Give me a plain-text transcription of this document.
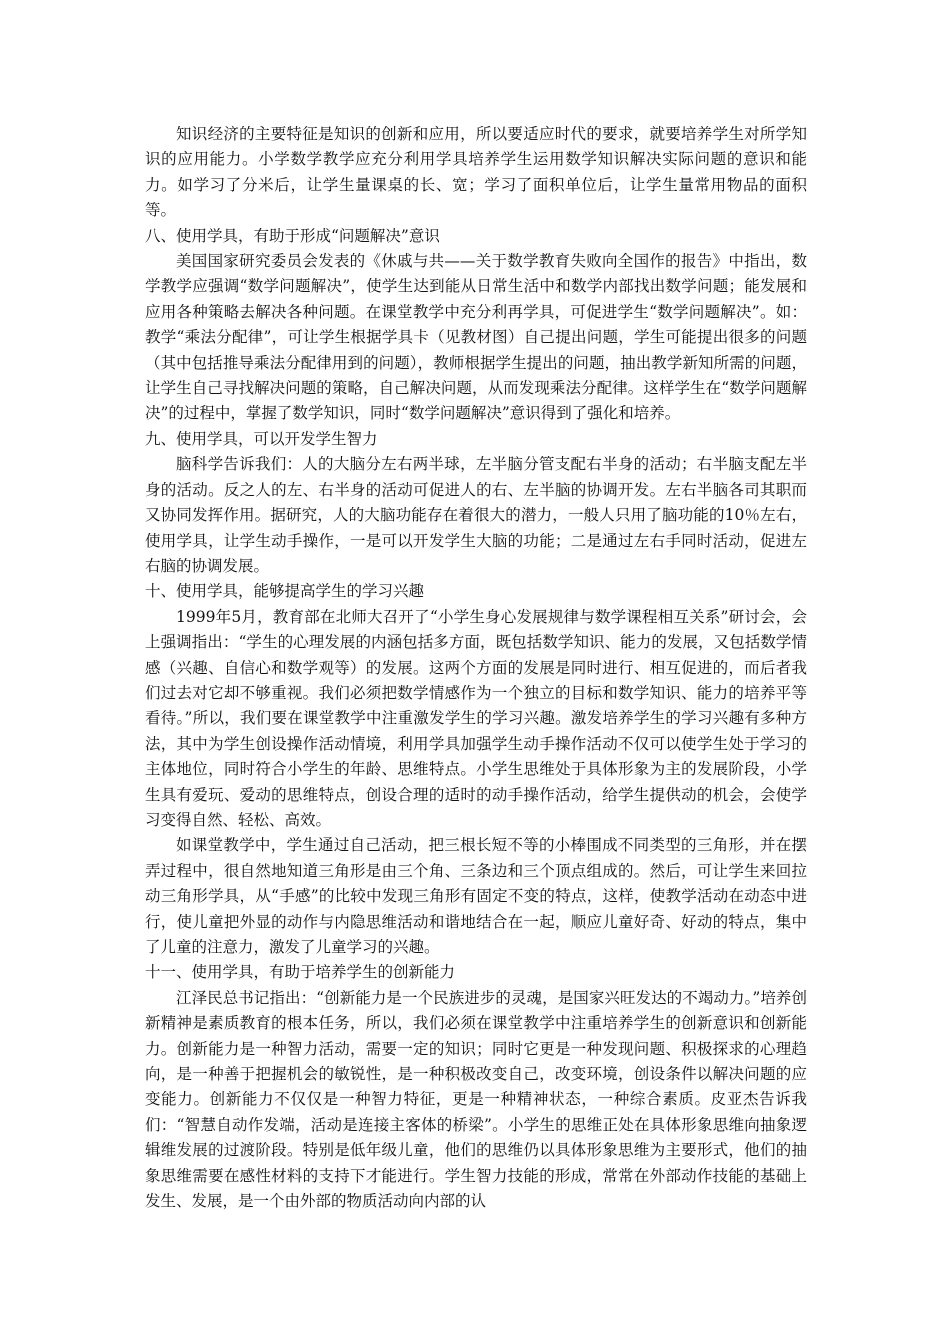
知识经济的主要特征是知识的创新和应用，所以要适应时代的要求，就要培养学生对所学知识的应用能力。小学数学教学应充分利用学具培养学生运用数学知识解决实际问题的意识和能力。如学习了分米后，让学生量课桌的长、宽；学习了面积单位后，让学生量常用物品的面积等。

八、使用学具，有助于形成“问题解决”意识

美国国家研究委员会发表的《休戚与共——关于数学教育失败向全国作的报告》中指出，数学教学应强调“数学问题解决”，使学生达到能从日常生活中和数学内部找出数学问题；能发展和应用各种策略去解决各种问题。在课堂教学中充分利再学具，可促进学生“数学问题解决”。如：教学“乘法分配律”，可让学生根据学具卡（见教材图）自己提出问题，学生可能提出很多的问题（其中包括推导乘法分配律用到的问题），教师根据学生提出的问题，抽出教学新知所需的问题，让学生自己寻找解决问题的策略，自己解决问题，从而发现乘法分配律。这样学生在“数学问题解决”的过程中，掌握了数学知识，同时“数学问题解决”意识得到了强化和培养。

九、使用学具，可以开发学生智力

脑科学告诉我们：人的大脑分左右两半球，左半脑分管支配右半身的活动；右半脑支配左半身的活动。反之人的左、右半身的活动可促进人的右、左半脑的协调开发。左右半脑各司其职而又协同发挥作用。据研究，人的大脑功能存在着很大的潜力，一般人只用了脑功能的10％左右，使用学具，让学生动手操作，一是可以开发学生大脑的功能；二是通过左右手同时活动，促进左右脑的协调发展。

十、使用学具，能够提高学生的学习兴趣

1999年5月，教育部在北师大召开了“小学生身心发展规律与数学课程相互关系”研讨会，会上强调指出：“学生的心理发展的内涵包括多方面，既包括数学知识、能力的发展，又包括数学情感（兴趣、自信心和数学观等）的发展。这两个方面的发展是同时进行、相互促进的，而后者我们过去对它却不够重视。我们必须把数学情感作为一个独立的目标和数学知识、能力的培养平等看待。”所以，我们要在课堂教学中注重激发学生的学习兴趣。激发培养学生的学习兴趣有多种方法，其中为学生创设操作活动情境，利用学具加强学生动手操作活动不仅可以使学生处于学习的主体地位，同时符合小学生的年龄、思维特点。小学生思维处于具体形象为主的发展阶段，小学生具有爱玩、爱动的思维特点，创设合理的适时的动手操作活动，给学生提供动的机会，会使学习变得自然、轻松、高效。

如课堂教学中，学生通过自己活动，把三根长短不等的小棒围成不同类型的三角形，并在摆弄过程中，很自然地知道三角形是由三个角、三条边和三个顶点组成的。然后，可让学生来回拉动三角形学具，从“手感”的比较中发现三角形有固定不变的特点，这样，使教学活动在动态中进行，使儿童把外显的动作与内隐思维活动和谐地结合在一起，顺应儿童好奇、好动的特点，集中了儿童的注意力，激发了儿童学习的兴趣。

十一、使用学具，有助于培养学生的创新能力

江泽民总书记指出：“创新能力是一个民族进步的灵魂，是国家兴旺发达的不竭动力。”培养创新精神是素质教育的根本任务，所以，我们必须在课堂教学中注重培养学生的创新意识和创新能力。创新能力是一种智力活动，需要一定的知识；同时它更是一种发现问题、积极探求的心理趋向，是一种善于把握机会的敏锐性，是一种积极改变自己，改变环境，创设条件以解决问题的应变能力。创新能力不仅仅是一种智力特征，更是一种精神状态，一种综合素质。皮亚杰告诉我们：“智慧自动作发端，活动是连接主客体的桥梁”。小学生的思维正处在具体形象思维向抽象逻辑维发展的过渡阶段。特别是低年级儿童，他们的思维仍以具体形象思维为主要形式，他们的抽象思维需要在感性材料的支持下才能进行。学生智力技能的形成，常常在外部动作技能的基础上发生、发展，是一个由外部的物质活动向内部的认
